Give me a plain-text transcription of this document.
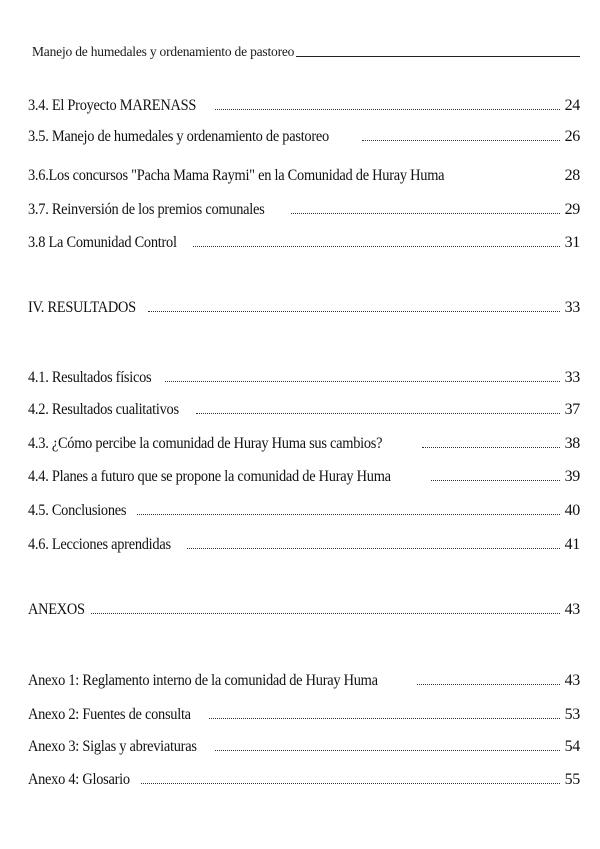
Manejo de humedales y ordenamiento de pastoreo
3.4. El Proyecto MARENASS	24
3.5. Manejo de humedales y ordenamiento de pastoreo	26
3.6.Los concursos "Pacha Mama Raymi" en la Comunidad de Huray Huma	28
3.7. Reinversión de los premios comunales	29
3.8 La Comunidad Control	31
IV. RESULTADOS	33
4.1. Resultados físicos	33
4.2. Resultados cualitativos	37
4.3. ¿Cómo percibe la comunidad de Huray Huma sus cambios?	38
4.4. Planes a futuro que se propone la comunidad de Huray Huma	39
4.5. Conclusiones	40
4.6. Lecciones aprendidas	41
ANEXOS	43
Anexo 1: Reglamento interno de la comunidad de Huray Huma	43
Anexo 2: Fuentes de consulta	53
Anexo 3: Siglas y abreviaturas	54
Anexo 4: Glosario	55
